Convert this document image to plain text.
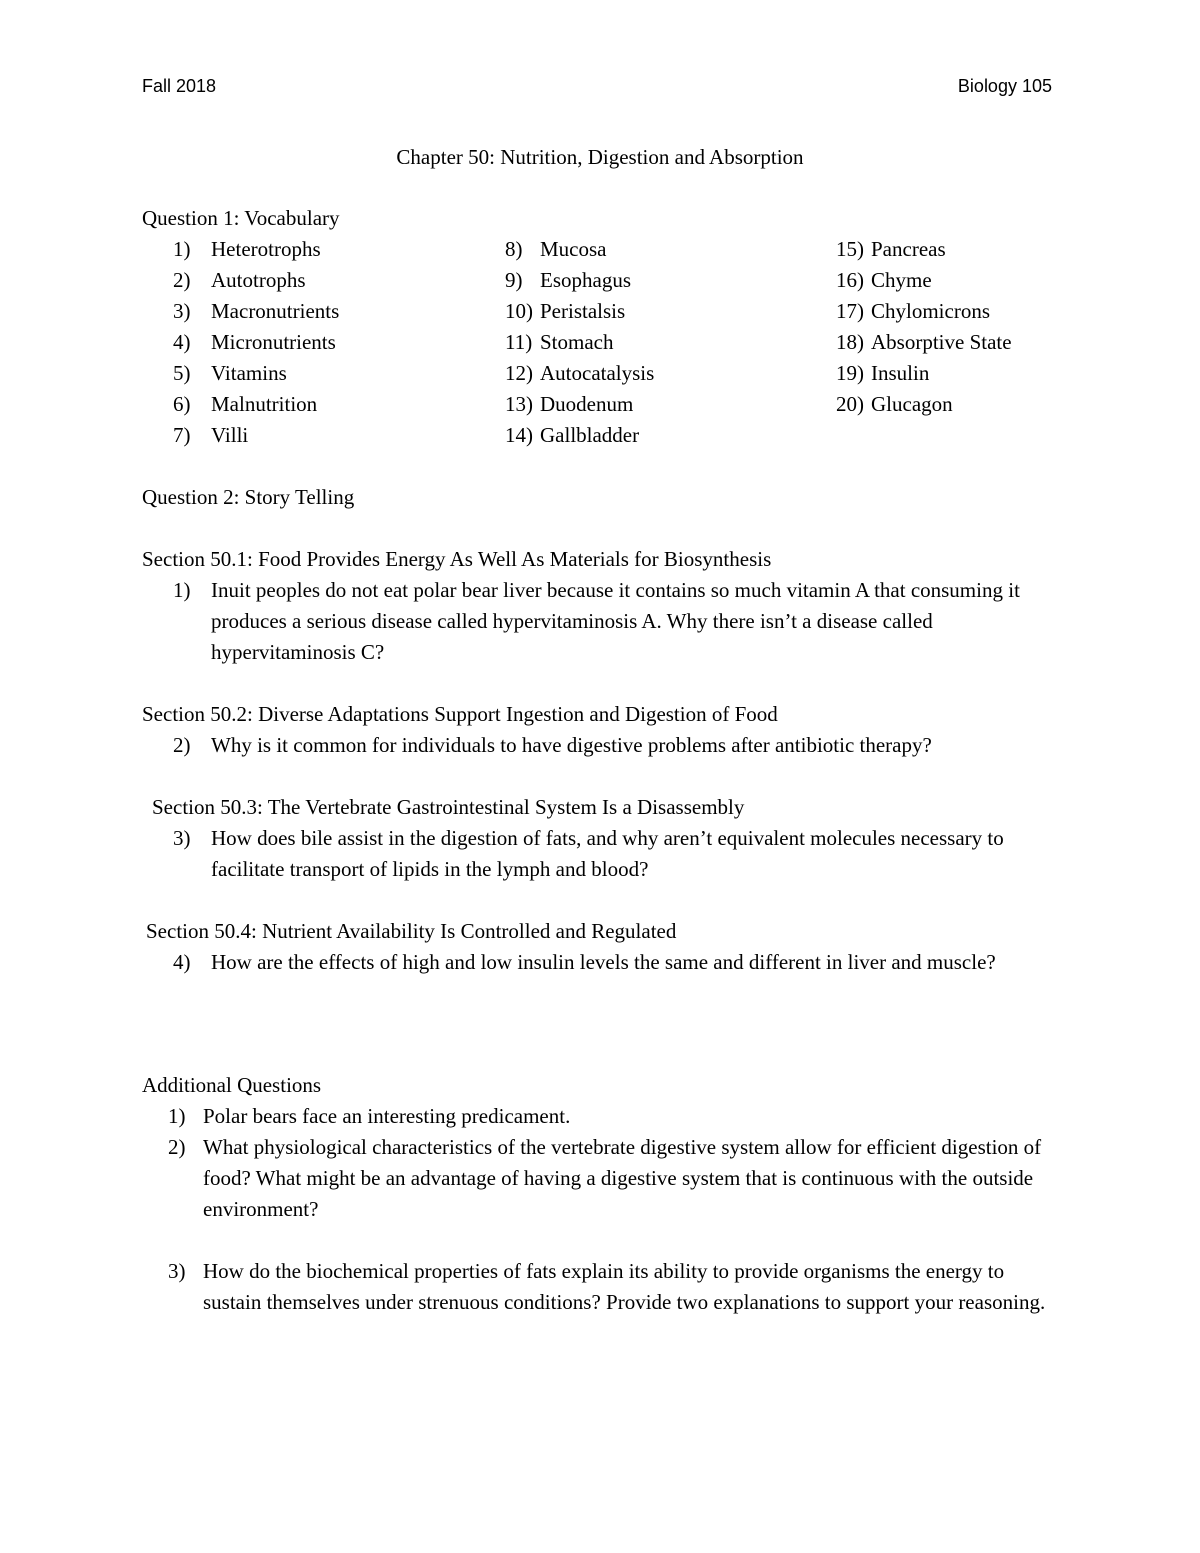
Fall 2018	Biology 105
Chapter 50: Nutrition, Digestion and Absorption
Question 1: Vocabulary
1) Heterotrophs
2) Autotrophs
3) Macronutrients
4) Micronutrients
5) Vitamins
6) Malnutrition
7) Villi
8) Mucosa
9) Esophagus
10) Peristalsis
11) Stomach
12) Autocatalysis
13) Duodenum
14) Gallbladder
15) Pancreas
16) Chyme
17) Chylomicrons
18) Absorptive State
19) Insulin
20) Glucagon
Question 2: Story Telling
Section 50.1: Food Provides Energy As Well As Materials for Biosynthesis
1) Inuit peoples do not eat polar bear liver because it contains so much vitamin A that consuming it produces a serious disease called hypervitaminosis A. Why there isn’t a disease called hypervitaminosis C?
Section 50.2: Diverse Adaptations Support Ingestion and Digestion of Food
2) Why is it common for individuals to have digestive problems after antibiotic therapy?
Section 50.3: The Vertebrate Gastrointestinal System Is a Disassembly
3) How does bile assist in the digestion of fats, and why aren’t equivalent molecules necessary to facilitate transport of lipids in the lymph and blood?
Section 50.4: Nutrient Availability Is Controlled and Regulated
4) How are the effects of high and low insulin levels the same and different in liver and muscle?
Additional Questions
1) Polar bears face an interesting predicament.
2) What physiological characteristics of the vertebrate digestive system allow for efficient digestion of food? What might be an advantage of having a digestive system that is continuous with the outside environment?
3) How do the biochemical properties of fats explain its ability to provide organisms the energy to sustain themselves under strenuous conditions? Provide two explanations to support your reasoning.
